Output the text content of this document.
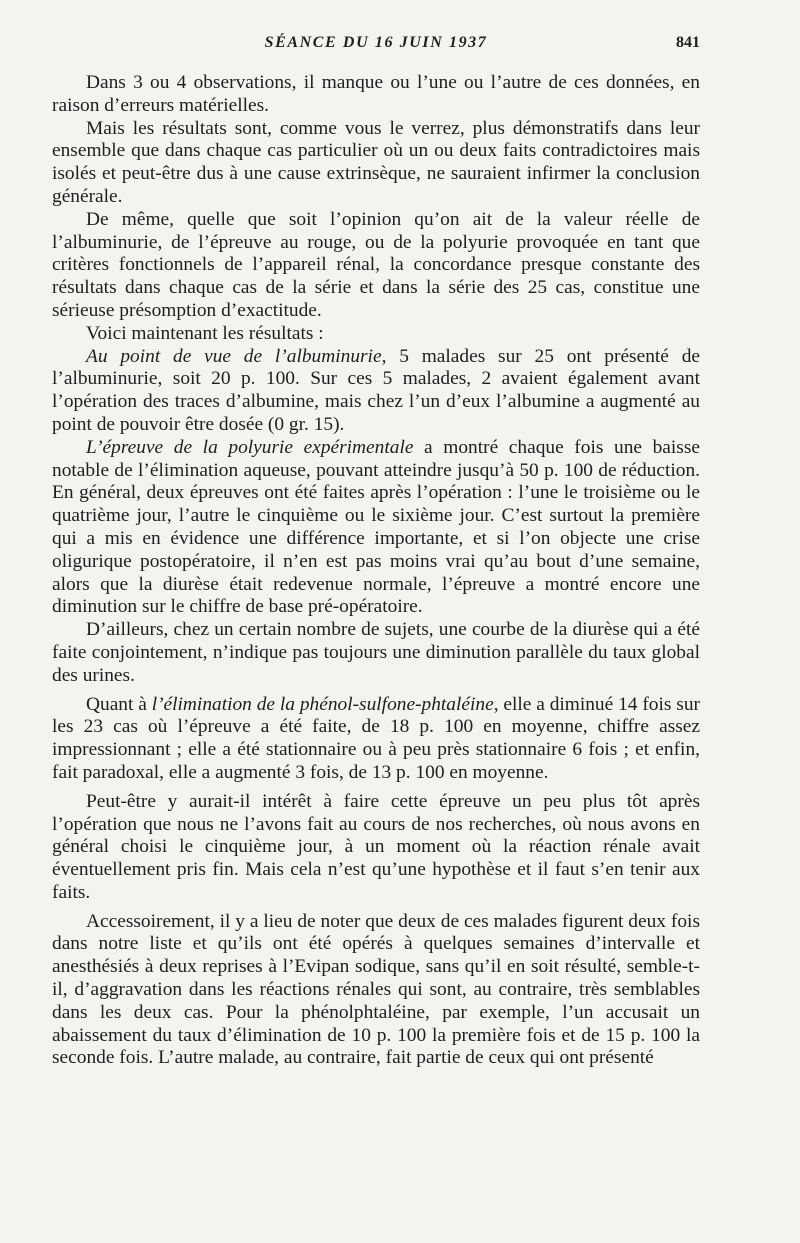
SÉANCE DU 16 JUIN 1937	841

Dans 3 ou 4 observations, il manque ou l’une ou l’autre de ces données, en raison d’erreurs matérielles.

Mais les résultats sont, comme vous le verrez, plus démonstratifs dans leur ensemble que dans chaque cas particulier où un ou deux faits contradictoires mais isolés et peut-être dus à une cause extrinsèque, ne sauraient infirmer la conclusion générale.

De même, quelle que soit l’opinion qu’on ait de la valeur réelle de l’albuminurie, de l’épreuve au rouge, ou de la polyurie provoquée en tant que critères fonctionnels de l’appareil rénal, la concordance presque constante des résultats dans chaque cas de la série et dans la série des 25 cas, constitue une sérieuse présomption d’exactitude.

Voici maintenant les résultats :

Au point de vue de l’albuminurie, 5 malades sur 25 ont présenté de l’albuminurie, soit 20 p. 100. Sur ces 5 malades, 2 avaient également avant l’opération des traces d’albumine, mais chez l’un d’eux l’albumine a augmenté au point de pouvoir être dosée (0 gr. 15).

L’épreuve de la polyurie expérimentale a montré chaque fois une baisse notable de l’élimination aqueuse, pouvant atteindre jusqu’à 50 p. 100 de réduction. En général, deux épreuves ont été faites après l’opération : l’une le troisième ou le quatrième jour, l’autre le cinquième ou le sixième jour. C’est surtout la première qui a mis en évidence une différence importante, et si l’on objecte une crise oligurique postopératoire, il n’en est pas moins vrai qu’au bout d’une semaine, alors que la diurèse était redevenue normale, l’épreuve a montré encore une diminution sur le chiffre de base pré-opératoire.

D’ailleurs, chez un certain nombre de sujets, une courbe de la diurèse qui a été faite conjointement, n’indique pas toujours une diminution parallèle du taux global des urines.

Quant à l’élimination de la phénol-sulfone-phtaléine, elle a diminué 14 fois sur les 23 cas où l’épreuve a été faite, de 18 p. 100 en moyenne, chiffre assez impressionnant ; elle a été stationnaire ou à peu près stationnaire 6 fois ; et enfin, fait paradoxal, elle a augmenté 3 fois, de 13 p. 100 en moyenne.

Peut-être y aurait-il intérêt à faire cette épreuve un peu plus tôt après l’opération que nous ne l’avons fait au cours de nos recherches, où nous avons en général choisi le cinquième jour, à un moment où la réaction rénale avait éventuellement pris fin. Mais cela n’est qu’une hypothèse et il faut s’en tenir aux faits.

Accessoirement, il y a lieu de noter que deux de ces malades figurent deux fois dans notre liste et qu’ils ont été opérés à quelques semaines d’intervalle et anesthésiés à deux reprises à l’Evipan sodique, sans qu’il en soit résulté, semble-t-il, d’aggravation dans les réactions rénales qui sont, au contraire, très semblables dans les deux cas. Pour la phénolphtaléine, par exemple, l’un accusait un abaissement du taux d’élimination de 10 p. 100 la première fois et de 15 p. 100 la seconde fois. L’autre malade, au contraire, fait partie de ceux qui ont présenté
